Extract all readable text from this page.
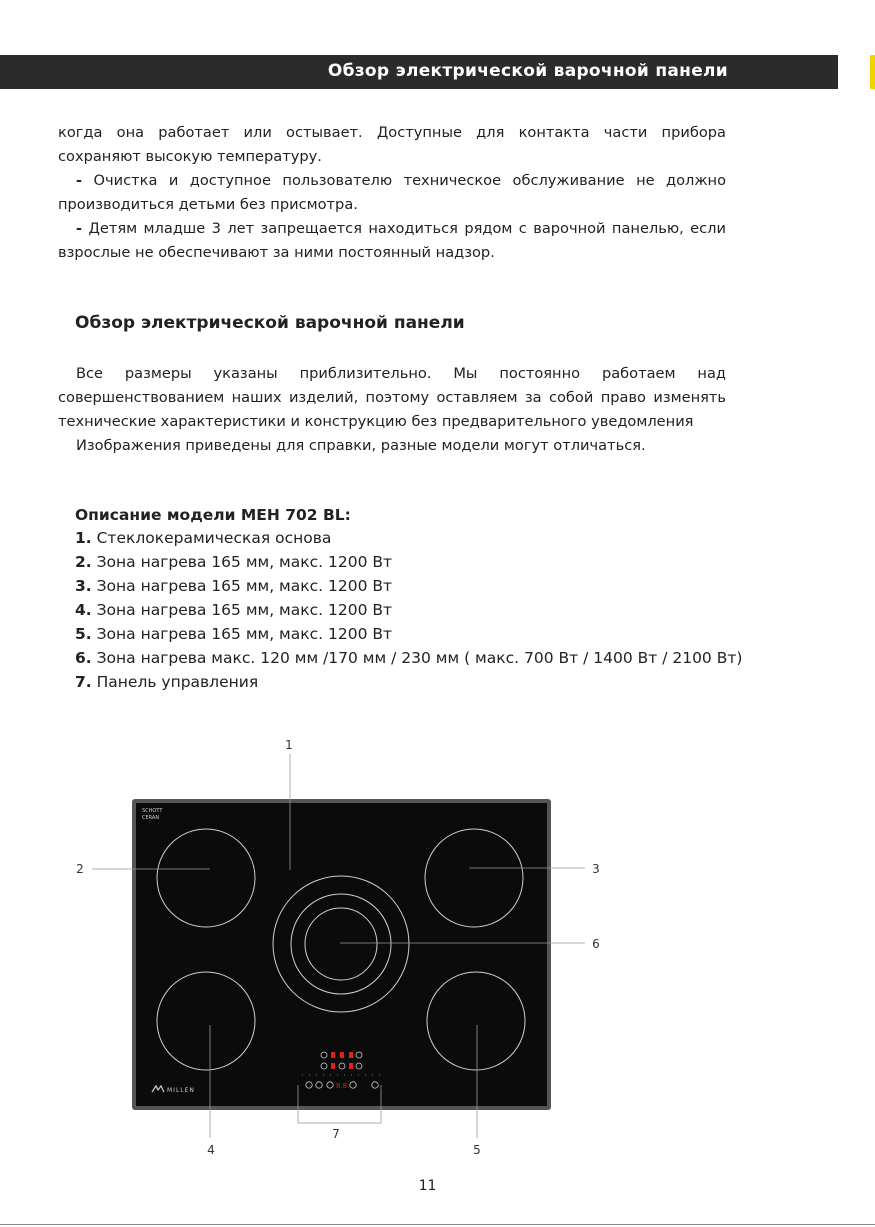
Обзор электрической варочной панели

когда она работает или остывает. Доступные для контакта части прибора сохраняют высокую температуру.

- Очистка и доступное пользователю техническое обслуживание не должно производиться детьми без присмотра.

- Детям младше 3 лет запрещается находиться рядом с варочной панелью, если взрослые не обеспечивают за ними постоянный надзор.

Обзор электрической варочной панели

Все размеры указаны приблизительно. Мы постоянно работаем над совершенствованием наших изделий, поэтому оставляем за собой право изменять технические характеристики и конструкцию без предварительного уведомления

Изображения приведены для справки, разные модели могут отличаться.

Описание модели MEH 702 BL:
1. Стеклокерамическая основа
2. Зона нагрева 165 мм, макс. 1200 Вт
3. Зона нагрева 165 мм, макс. 1200 Вт
4. Зона нагрева 165 мм, макс. 1200 Вт
5. Зона нагрева 165 мм, макс. 1200 Вт
6. Зона нагрева макс. 120 мм /170 мм / 230 мм ( макс. 700 Вт / 1400 Вт / 2100 Вт)
7. Панель управления
SCHOTT
CERAN
8.8.
MILLEN
1
2	3
4	5
6
7
11
